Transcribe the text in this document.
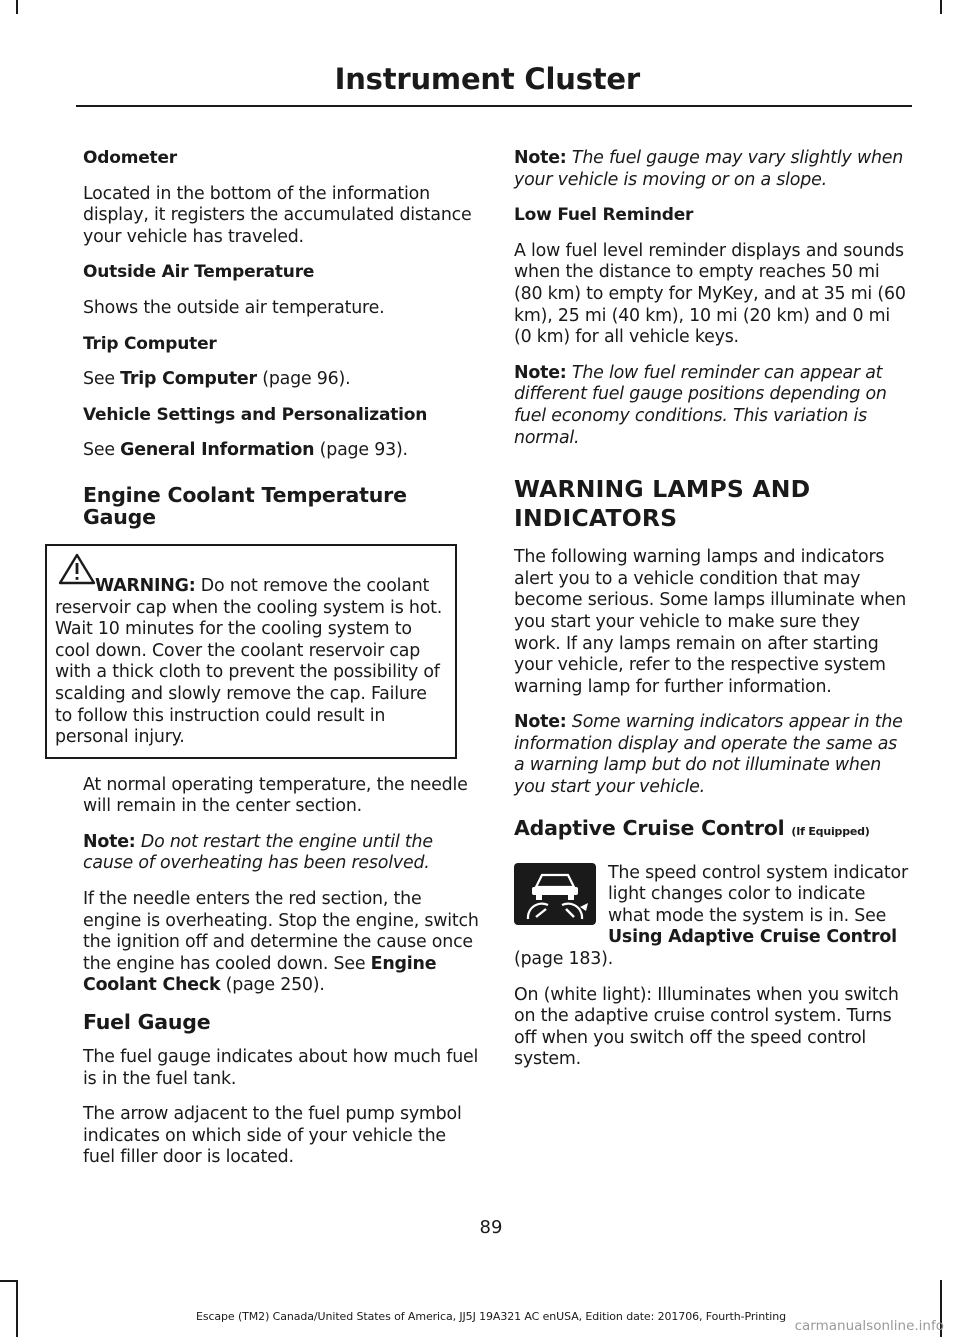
Instrument Cluster
Odometer

Located in the bottom of the information display, it registers the accumulated distance your vehicle has traveled.

Outside Air Temperature

Shows the outside air temperature.

Trip Computer

See Trip Computer (page 96).

Vehicle Settings and Personalization

See General Information (page 93).

Engine Coolant Temperature Gauge

WARNING: Do not remove the coolant reservoir cap when the cooling system is hot. Wait 10 minutes for the cooling system to cool down. Cover the coolant reservoir cap with a thick cloth to prevent the possibility of scalding and slowly remove the cap. Failure to follow this instruction could result in personal injury.

At normal operating temperature, the needle will remain in the center section.

Note: Do not restart the engine until the cause of overheating has been resolved.

If the needle enters the red section, the engine is overheating. Stop the engine, switch the ignition off and determine the cause once the engine has cooled down. See Engine Coolant Check (page 250).

Fuel Gauge

The fuel gauge indicates about how much fuel is in the fuel tank.

The arrow adjacent to the fuel pump symbol indicates on which side of your vehicle the fuel filler door is located.

Note: The fuel gauge may vary slightly when your vehicle is moving or on a slope.

Low Fuel Reminder

A low fuel level reminder displays and sounds when the distance to empty reaches 50 mi (80 km) to empty for MyKey, and at 35 mi (60 km), 25 mi (40 km), 10 mi (20 km) and 0 mi (0 km) for all vehicle keys.

Note: The low fuel reminder can appear at different fuel gauge positions depending on fuel economy conditions. This variation is normal.

WARNING LAMPS AND
INDICATORS

The following warning lamps and indicators alert you to a vehicle condition that may become serious. Some lamps illuminate when you start your vehicle to make sure they work. If any lamps remain on after starting your vehicle, refer to the respective system warning lamp for further information.

Note: Some warning indicators appear in the information display and operate the same as a warning lamp but do not illuminate when you start your vehicle.

Adaptive Cruise Control (If Equipped)

The speed control system indicator light changes color to indicate what mode the system is in. See Using Adaptive Cruise Control (page 183).

On (white light): Illuminates when you switch on the adaptive cruise control system. Turns off when you switch off the speed control system.

89
Escape (TM2) Canada/United States of America, JJ5J 19A321 AC enUSA, Edition date: 201706, Fourth-Printing
carmanualsonline.info
